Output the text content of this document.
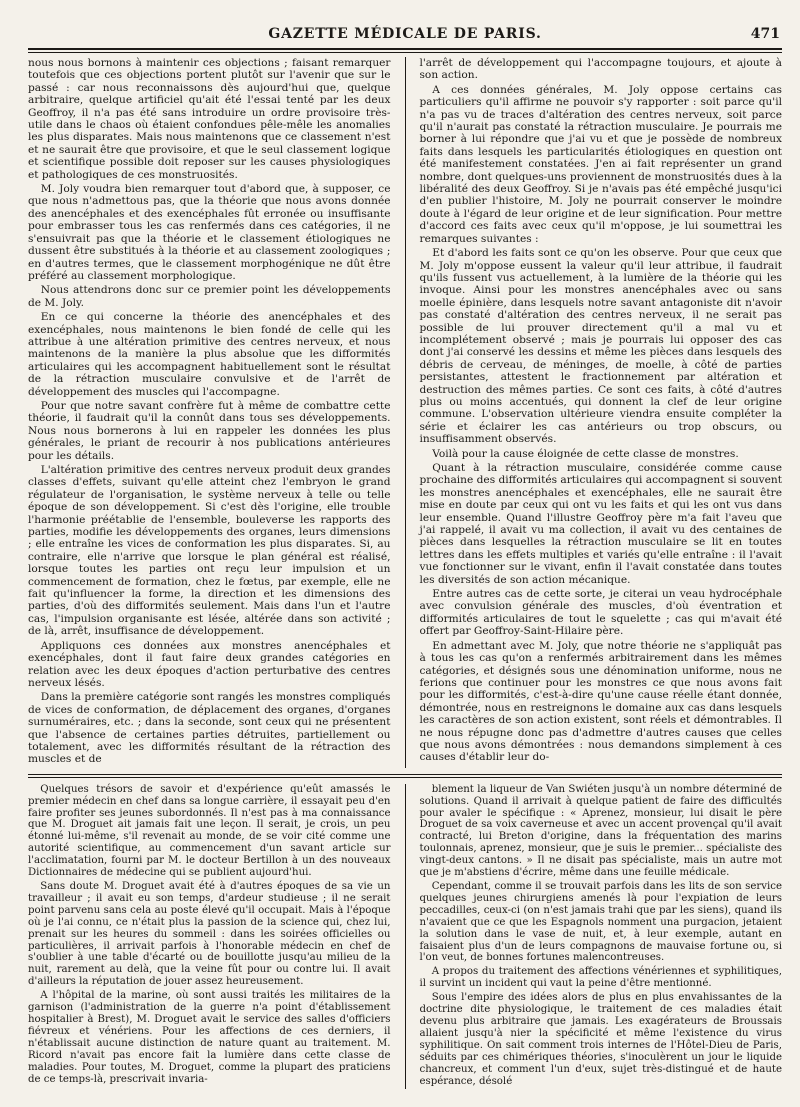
GAZETTE MÉDICALE DE PARIS.	471

nous nous bornons à maintenir ces objections ; faisant remarquer toutefois que ces objections portent plutôt sur l'avenir que sur le passé : car nous reconnaissons dès aujourd'hui que, quelque arbitraire, quelque artificiel qu'ait été l'essai tenté par les deux Geoffroy, il n'a pas été sans introduire un ordre provisoire très-utile dans le chaos où étaient confondues pêle-mêle les anomalies les plus disparates. Mais nous maintenons que ce classement n'est et ne saurait être que provisoire, et que le seul classement logique et scientifique possible doit reposer sur les causes physiologiques et pathologiques de ces monstruosités.

M. Joly voudra bien remarquer tout d'abord que, à supposer, ce que nous n'admettous pas, que la théorie que nous avons donnée des anencéphales et des exencéphales fût erronée ou insuffisante pour embrasser tous les cas renfermés dans ces catégories, il ne s'ensuivrait pas que la théorie et le classement étiologiques ne dussent être substitués à la théorie et au classement zoologiques ; en d'autres termes, que le classement morphogénique ne dût être préféré au classement morphologique.

Nous attendrons donc sur ce premier point les développements de M. Joly.

En ce qui concerne la théorie des anencéphales et des exencéphales, nous maintenons le bien fondé de celle qui les attribue à une altération primitive des centres nerveux, et nous maintenons de la manière la plus absolue que les difformités articulaires qui les accompagnent habituellement sont le résultat de la rétraction musculaire convulsive et de l'arrêt de développement des muscles qui l'accompagne.

Pour que notre savant confrère fut à même de combattre cette théorie, il faudrait qu'il la connût dans tous ses développements. Nous nous bornerons à lui en rappeler les données les plus générales, le priant de recourir à nos publications antérieures pour les détails.

L'altération primitive des centres nerveux produit deux grandes classes d'effets, suivant qu'elle atteint chez l'embryon le grand régulateur de l'organisation, le système nerveux à telle ou telle époque de son développement. Si c'est dès l'origine, elle trouble l'harmonie préétablie de l'ensemble, bouleverse les rapports des parties, modifie les développements des organes, leurs dimensions ; elle entraîne les vices de conformation les plus disparates. Si, au contraire, elle n'arrive que lorsque le plan général est réalisé, lorsque toutes les parties ont reçu leur impulsion et un commencement de formation, chez le fœtus, par exemple, elle ne fait qu'influencer la forme, la direction et les dimensions des parties, d'où des difformités seulement. Mais dans l'un et l'autre cas, l'impulsion organisante est lésée, altérée dans son activité ; de là, arrêt, insuffisance de développement.

Appliquons ces données aux monstres anencéphales et exencéphales, dont il faut faire deux grandes catégories en relation avec les deux époques d'action perturbative des centres nerveux lésés.

Dans la première catégorie sont rangés les monstres compliqués de vices de conformation, de déplacement des organes, d'organes surnuméraires, etc. ; dans la seconde, sont ceux qui ne présentent que l'absence de certaines parties détruites, partiellement ou totalement, avec les difformités résultant de la rétraction des muscles et de

l'arrêt de développement qui l'accompagne toujours, et ajoute à son action.

A ces données générales, M. Joly oppose certains cas particuliers qu'il affirme ne pouvoir s'y rapporter : soit parce qu'il n'a pas vu de traces d'altération des centres nerveux, soit parce qu'il n'aurait pas constaté la rétraction musculaire. Je pourrais me borner à lui répondre que j'ai vu et que je possède de nombreux faits dans lesquels les particularités étiologiques en question ont été manifestement constatées. J'en ai fait représenter un grand nombre, dont quelques-uns proviennent de monstruosités dues à la libéralité des deux Geoffroy. Si je n'avais pas été empêché jusqu'ici d'en publier l'histoire, M. Joly ne pourrait conserver le moindre doute à l'égard de leur origine et de leur signification. Pour mettre d'accord ces faits avec ceux qu'il m'oppose, je lui soumettrai les remarques suivantes :

Et d'abord les faits sont ce qu'on les observe. Pour que ceux que M. Joly m'oppose eussent la valeur qu'il leur attribue, il faudrait qu'ils fussent vus actuellement, à la lumière de la théorie qui les invoque. Ainsi pour les monstres anencéphales avec ou sans moelle épinière, dans lesquels notre savant antagoniste dit n'avoir pas constaté d'altération des centres nerveux, il ne serait pas possible de lui prouver directement qu'il a mal vu et incomplétement observé ; mais je pourrais lui opposer des cas dont j'ai conservé les dessins et même les pièces dans lesquels des débris de cerveau, de méninges, de moelle, à côté de parties persistantes, attestent le fractionnement par altération et destruction des mêmes parties. Ce sont ces faits, à côté d'autres plus ou moins accentués, qui donnent la clef de leur origine commune. L'observation ultérieure viendra ensuite compléter la série et éclairer les cas antérieurs ou trop obscurs, ou insuffisamment observés.

Voilà pour la cause éloignée de cette classe de monstres.

Quant à la rétraction musculaire, considérée comme cause prochaine des difformités articulaires qui accompagnent si souvent les monstres anencéphales et exencéphales, elle ne saurait être mise en doute par ceux qui ont vu les faits et qui les ont vus dans leur ensemble. Quand l'illustre Geoffroy père m'a fait l'aveu que j'ai rappelé, il avait vu ma collection, il avait vu des centaines de pièces dans lesquelles la rétraction musculaire se lit en toutes lettres dans les effets multiples et variés qu'elle entraîne : il l'avait vue fonctionner sur le vivant, enfin il l'avait constatée dans toutes les diversités de son action mécanique.

Entre autres cas de cette sorte, je citerai un veau hydrocéphale avec convulsion générale des muscles, d'où éventration et difformités articulaires de tout le squelette ; cas qui m'avait été offert par Geoffroy-Saint-Hilaire père.

En admettant avec M. Joly, que notre théorie ne s'appliquât pas à tous les cas qu'on a renfermés arbitrairement dans les mêmes catégories, et désignés sous une dénomination uniforme, nous ne ferions que continuer pour les monstres ce que nous avons fait pour les difformités, c'est-à-dire qu'une cause réelle étant donnée, démontrée, nous en restreignons le domaine aux cas dans lesquels les caractères de son action existent, sont réels et démontrables. Il ne nous répugne donc pas d'admettre d'autres causes que celles que nous avons démontrées : nous demandons simplement à ces causes d'établir leur do-

Quelques trésors de savoir et d'expérience qu'eût amassés le premier médecin en chef dans sa longue carrière, il essayait peu d'en faire profiter ses jeunes subordonnés. Il n'est pas à ma connaissance que M. Droguet ait jamais fait une leçon. Il serait, je crois, un peu étonné lui-même, s'il revenait au monde, de se voir cité comme une autorité scientifique, au commencement d'un savant article sur l'acclimatation, fourni par M. le docteur Bertillon à un des nouveaux Dictionnaires de médecine qui se publient aujourd'hui.

Sans doute M. Droguet avait été à d'autres époques de sa vie un travailleur ; il avait eu son temps, d'ardeur studieuse ; il ne serait point parvenu sans cela au poste élevé qu'il occupait. Mais à l'époque où je l'ai connu, ce n'était plus la passion de la science qui, chez lui, prenait sur les heures du sommeil : dans les soirées officielles ou particulières, il arrivait parfois à l'honorable médecin en chef de s'oublier à une table d'écarté ou de bouillotte jusqu'au milieu de la nuit, rarement au delà, que la veine fût pour ou contre lui. Il avait d'ailleurs la réputation de jouer assez heureusement.

A l'hôpital de la marine, où sont aussi traités les militaires de la garnison (l'administration de la guerre n'a point d'établissement hospitalier à Brest), M. Droguet avait le service des salles d'officiers fiévreux et vénériens. Pour les affections de ces derniers, il n'établissait aucune distinction de nature quant au traitement. M. Ricord n'avait pas encore fait la lumière dans cette classe de maladies. Pour toutes, M. Droguet, comme la plupart des praticiens de ce temps-là, prescrivait invaria-

blement la liqueur de Van Swiéten jusqu'à un nombre déterminé de solutions. Quand il arrivait à quelque patient de faire des difficultés pour avaler le spécifique : « Aprenez, monsieur, lui disait le père Droguet de sa voix caverneuse et avec un accent provençal qu'il avait contracté, lui Breton d'origine, dans la fréquentation des marins toulonnais, aprenez, monsieur, que je suis le premier... spécialiste des vingt-deux cantons. » Il ne disait pas spécialiste, mais un autre mot que je m'abstiens d'écrire, même dans une feuille médicale.

Cependant, comme il se trouvait parfois dans les lits de son service quelques jeunes chirurgiens amenés là pour l'expiation de leurs peccadilles, ceux-ci (on n'est jamais trahi que par les siens), quand ils n'avaient que ce que les Espagnols nomment una purgacion, jetaient la solution dans le vase de nuit, et, à leur exemple, autant en faisaient plus d'un de leurs compagnons de mauvaise fortune ou, si l'on veut, de bonnes fortunes malencontreuses.

A propos du traitement des affections vénériennes et syphilitiques, il survint un incident qui vaut la peine d'être mentionné.

Sous l'empire des idées alors de plus en plus envahissantes de la doctrine dite physiologique, le traitement de ces maladies était devenu plus arbitraire que jamais. Les exagérateurs de Broussais allaient jusqu'à nier la spécificité et même l'existence du virus syphilitique. On sait comment trois internes de l'Hôtel-Dieu de Paris, séduits par ces chimériques théories, s'inoculèrent un jour le liquide chancreux, et comment l'un d'eux, sujet très-distingué et de haute espérance, désolé
